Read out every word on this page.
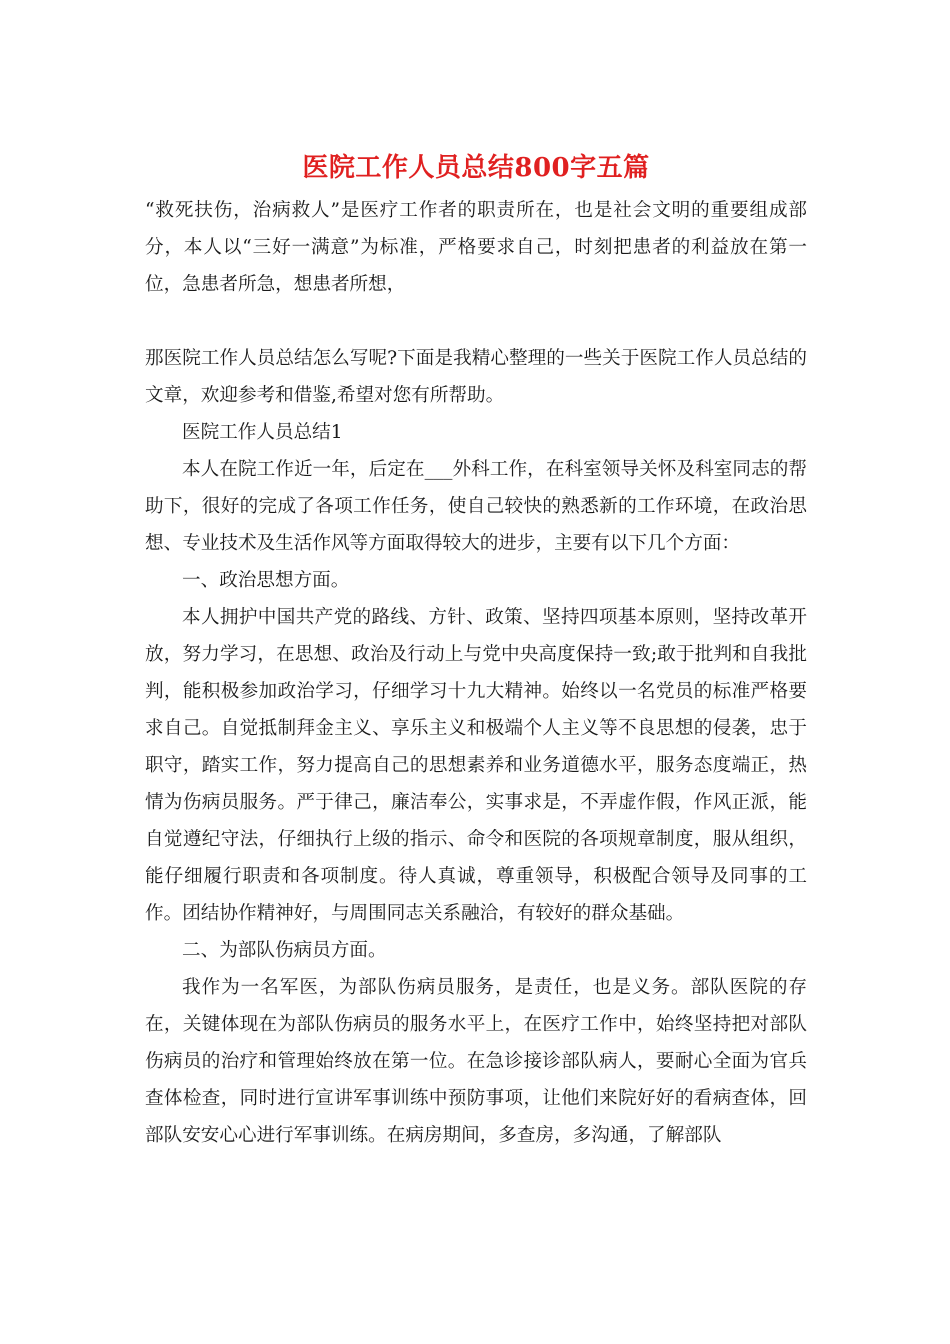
医院工作人员总结800字五篇

“救死扶伤，治病救人”是医疗工作者的职责所在，也是社会文明的重要组成部分，本人以“三好一满意”为标准，严格要求自己，时刻把患者的利益放在第一位，急患者所急，想患者所想，

那医院工作人员总结怎么写呢?下面是我精心整理的一些关于医院工作人员总结的文章，欢迎参考和借鉴,希望对您有所帮助。

医院工作人员总结1

本人在院工作近一年，后定在___外科工作，在科室领导关怀及科室同志的帮助下，很好的完成了各项工作任务，使自己较快的熟悉新的工作环境，在政治思想、专业技术及生活作风等方面取得较大的进步，主要有以下几个方面：

一、政治思想方面。

本人拥护中国共产党的路线、方针、政策、坚持四项基本原则，坚持改革开放，努力学习，在思想、政治及行动上与党中央高度保持一致;敢于批判和自我批判，能积极参加政治学习，仔细学习十九大精神。始终以一名党员的标准严格要求自己。自觉抵制拜金主义、享乐主义和极端个人主义等不良思想的侵袭，忠于职守，踏实工作，努力提高自己的思想素养和业务道德水平，服务态度端正，热情为伤病员服务。严于律己，廉洁奉公，实事求是，不弄虚作假，作风正派，能自觉遵纪守法，仔细执行上级的指示、命令和医院的各项规章制度，服从组织，能仔细履行职责和各项制度。待人真诚，尊重领导，积极配合领导及同事的工作。团结协作精神好，与周围同志关系融洽，有较好的群众基础。

二、为部队伤病员方面。

我作为一名军医，为部队伤病员服务，是责任，也是义务。部队医院的存在，关键体现在为部队伤病员的服务水平上，在医疗工作中，始终坚持把对部队伤病员的治疗和管理始终放在第一位。在急诊接诊部队病人，要耐心全面为官兵查体检查，同时进行宣讲军事训练中预防事项，让他们来院好好的看病查体，回部队安安心心进行军事训练。在病房期间，多查房，多沟通，了解部队
